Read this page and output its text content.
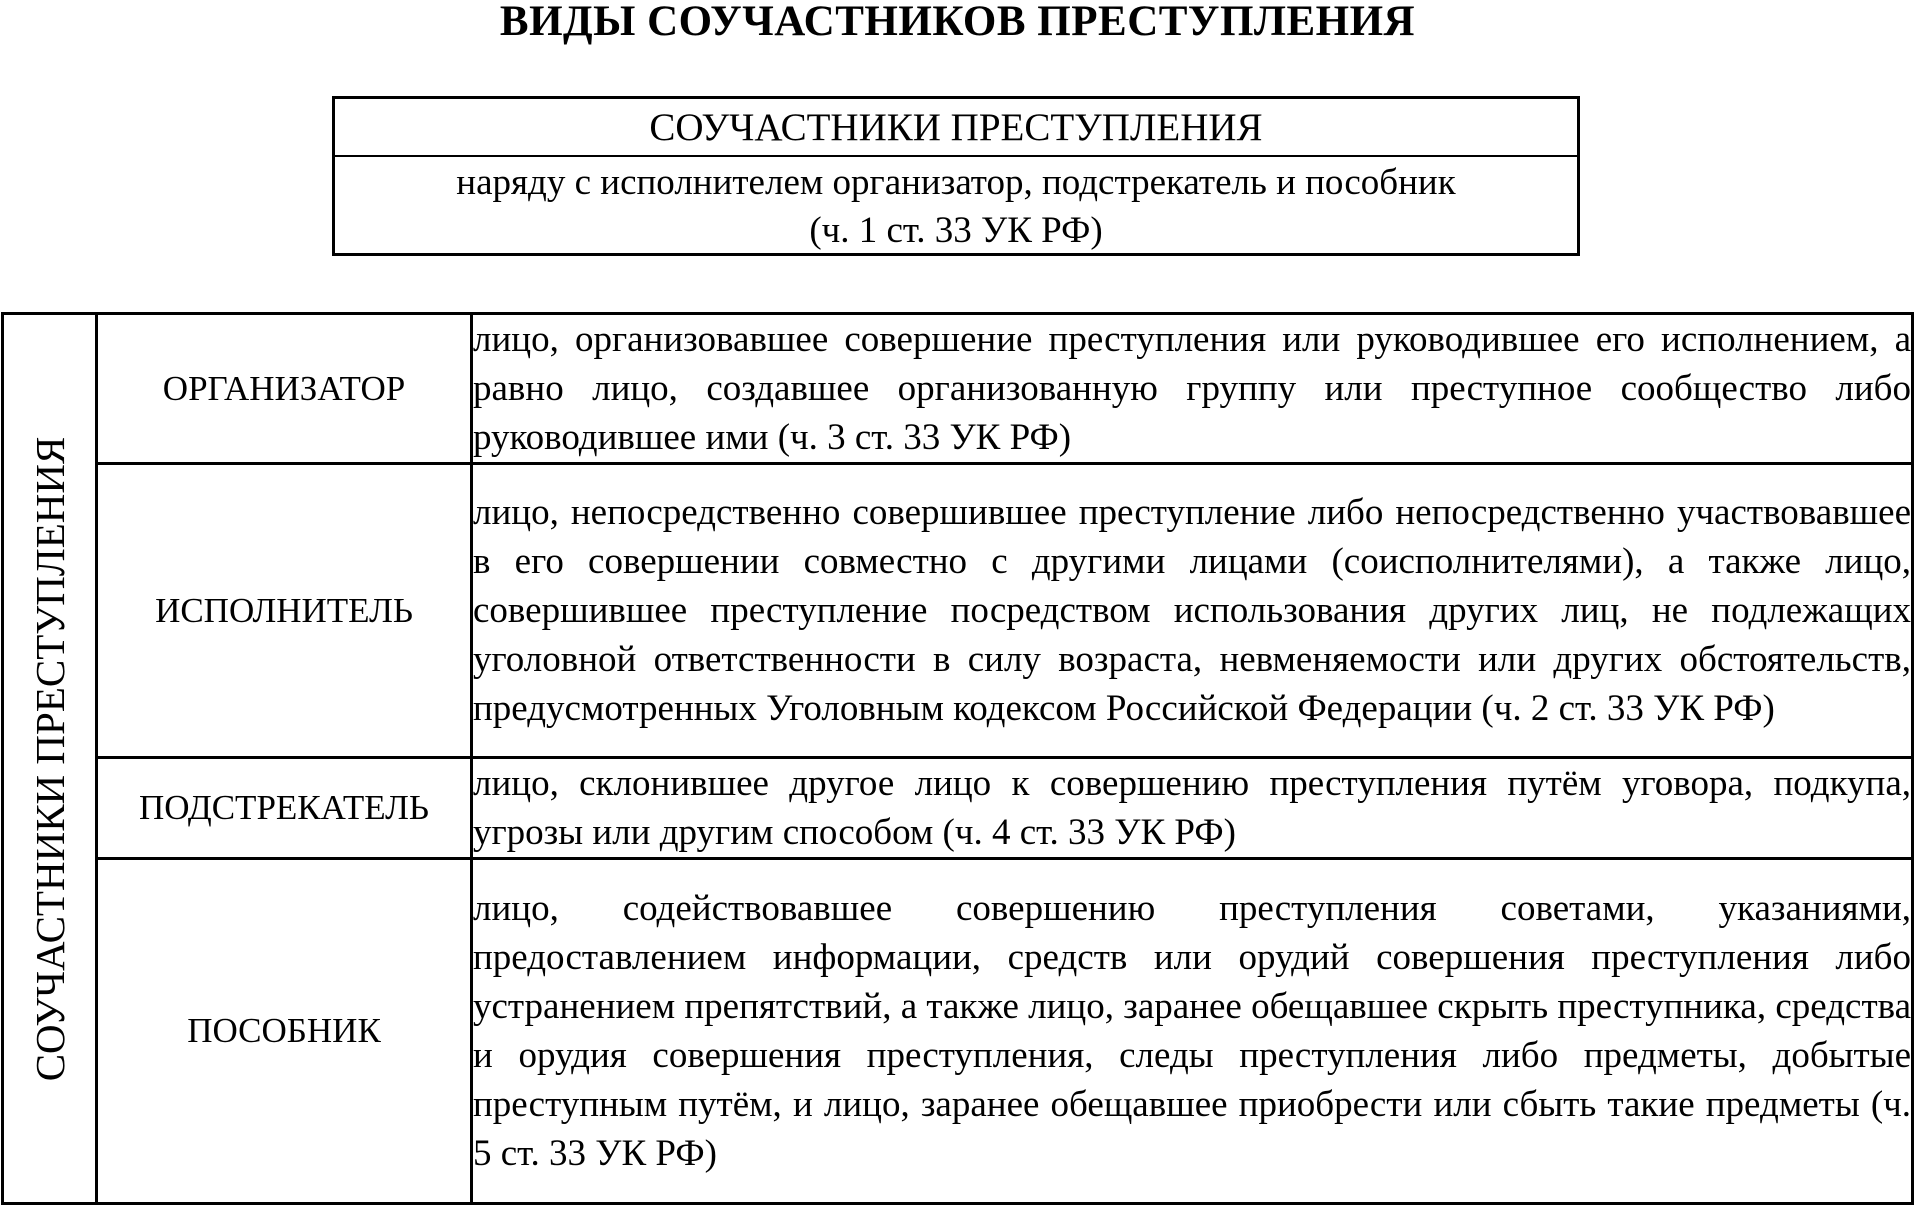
ВИДЫ СОУЧАСТНИКОВ ПРЕСТУПЛЕНИЯ
СОУЧАСТНИКИ ПРЕСТУПЛЕНИЯ
наряду с исполнителем организатор, подстрекатель и пособник
(ч. 1 ст. 33 УК РФ)
СОУЧАСТНИКИ ПРЕСТУПЛЕНИЯ	ОРГАНИЗАТОР	лицо, организовавшее совершение преступления или руководившее его исполнением, а равно лицо, создавшее организованную группу или преступное сообщество либо руководившее ими (ч. 3 ст. 33 УК РФ)
	ИСПОЛНИТЕЛЬ	лицо, непосредственно совершившее преступление либо непосредственно участвовавшее в его совершении совместно с другими лицами (соисполнителями), а также лицо, совершившее преступление посредством использования других лиц, не подлежащих уголовной ответственности в силу возраста, невменяемости или других обстоятельств, предусмотренных Уголовным кодексом Российской Федерации (ч. 2 ст. 33 УК РФ)
	ПОДСТРЕКАТЕЛЬ	лицо, склонившее другое лицо к совершению преступления путём уговора, подкупа, угрозы или другим способом (ч. 4 ст. 33 УК РФ)
	ПОСОБНИК	лицо, содействовавшее совершению преступления советами, указаниями, предоставлением информации, средств или орудий совершения преступления либо устранением препятствий, а также лицо, заранее обещавшее скрыть преступника, средства и орудия совершения преступления, следы преступления либо предметы, добытые преступным путём, и лицо, заранее обещавшее приобрести или сбыть такие предметы (ч. 5 ст. 33 УК РФ)
